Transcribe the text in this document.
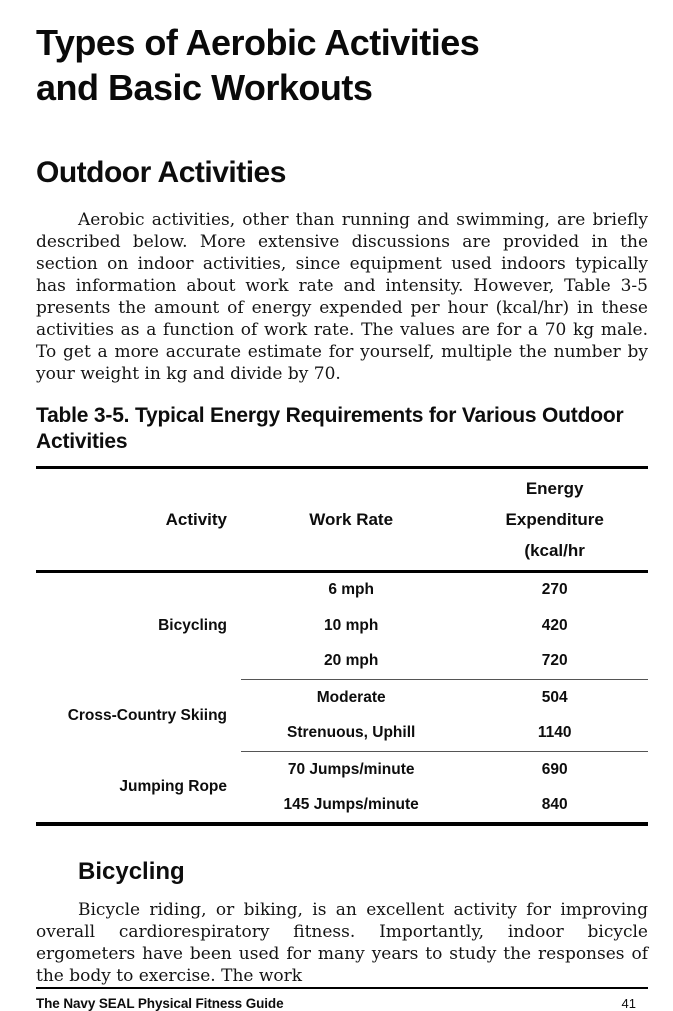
Types of Aerobic Activities
and Basic Workouts
Outdoor Activities

Aerobic activities, other than running and swimming, are briefly described below. More extensive discussions are provided in the section on indoor activities, since equipment used indoors typically has information about work rate and intensity. However, Table 3-5 presents the amount of energy expended per hour (kcal/hr) in these activities as a function of work rate. The values are for a 70 kg male. To get a more accurate estimate for yourself, multiple the number by your weight in kg and divide by 70.

Table 3-5. Typical Energy Requirements for Various Outdoor Activities
Activity	Work Rate	Energy Expenditure (kcal/hr

Bicycling	6 mph	270
	10 mph	420
	20 mph	720
Cross-Country Skiing	Moderate	504
	Strenuous, Uphill	1140
Jumping Rope	70 Jumps/minute	690
	145 Jumps/minute	840
Bicycling

Bicycle riding, or biking, is an excellent activity for improving overall cardiorespiratory fitness. Importantly, indoor bicycle ergometers have been used for many years to study the responses of the body to exercise. The work

The Navy SEAL Physical Fitness Guide	41
